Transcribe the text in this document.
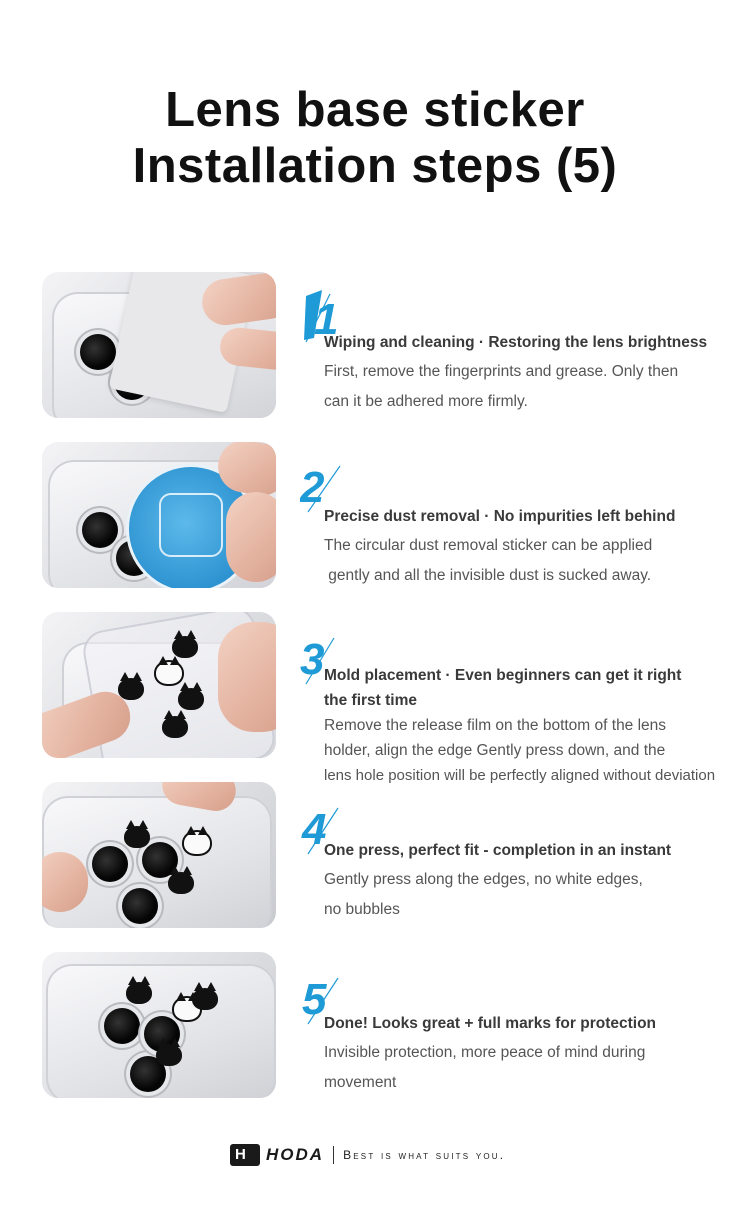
Lens base sticker
Installation steps (5)
1
Wiping and cleaning · Restoring the lens brightness
First, remove the fingerprints and grease. Only then
can it be adhered more firmly.
2
Precise dust removal · No impurities left behind
The circular dust removal sticker can be applied
gently and all the invisible dust is sucked away.
3 Mold placement · Even beginners can get it right
the first time
Remove the release film on the bottom of the lens
holder, align the edge Gently press down, and the
lens hole position will be perfectly aligned without deviation
4
One press, perfect fit - completion in an instant
Gently press along the edges, no white edges,
no bubbles
5
Done! Looks great + full marks for protection
Invisible protection, more peace of mind during
movement
H HODA Best is what suits you.
